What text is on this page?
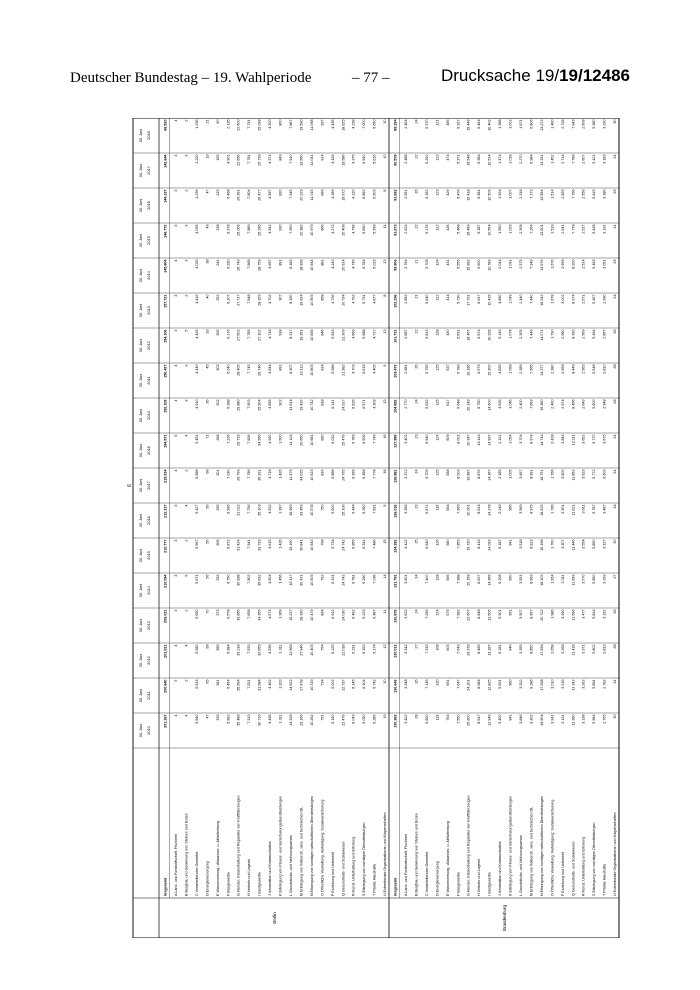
Deutscher Bundestag – 19. Wahlperiode	– 77 –	Drucksache 19/19/12486
6
30. Juni 2010
30. Juni 2011
30. Juni 2012
30. Juni 2013
30. Juni 2014
30. Juni 2015
30. Juni 2016
30. Juni 2017
30. Juni 2018
30. Juni 2010
30. Juni 2011
30. Juni 2012
30. Juni 2013
30. Juni 2014
30. Juni 2015
30. Juni 2016
30. Juni 2017
30. Juni 2018
Insgesamt
201.367
200.840
201.021
209.021
210.094
210.777
212.317
215.914
194.571
152.109
150.427
154.106
157.721
145.804
146.772
144.237
142.644
66.520
A Land- und Forstwirtschaft, Fischerei
4
5
4
3
3
3
3
4
5
4
4
3
3
4
3
3
3
4
B Bergbau und Gewinnung von Steinen und Erden
4
2
4
2
5
2
4
2
4
3
3
5
2
3
3
2
3
2
C Verarbeitendes Gewerbe
5.840
5.514
5.582
5.650
5.671
5.667
5.427
5.688
5.451
4.910
4.440
4.426
4.416
4.026
4.035
1.236
1.220
1.236
D Energieversorgung
47
65
58
70
56
56
56
68
71
36
45
33
40
38
49
47
19
21
E Wasserversorg.; Abwasser- u. Abfallentsorg.
333
361
355
373
333
306
295
301
268
302
303
306
252
241
238
215
155
60
F Baugewerbe
5.992
6.454
6.384
6.578
6.750
6.872
6.995
7.030
7.226
6.398
6.040
6.176
6.207
6.230
6.378
6.468
4.901
2.135
G Handel; Instandhaltung und Reparatur von Kraftfahrzeugen
35.489
35.694
33.218
33.856
30.938
31.424
31.022
29.799
29.733
29.880
28.406
27.502
27.717
26.743
25.009
24.391
22.696
22.600
H Verkehr und Lagerei
7.313
7.521
7.533
7.658
7.802
7.941
7.756
7.789
7.826
7.903
7.745
7.785
7.848
7.868
7.889
7.804
7.781
7.791
I Gastgewerbe
30.716
31.584
32.659
34.355
35.632
33.733
35.103
35.331
34.566
25.904
26.746
27.102
28.153
28.759
26.295
26.477
25.739
25.098
J Information und Kommunikation
4.436
4.462
4.536
4.574
4.604
4.615
4.632
4.718
4.930
4.835
4.844
4.716
4.702
4.697
4.642
4.597
4.374
4.300
K Erbringung von Finanz- und Versicherungsdienstleistungen
1.311
1.323
1.311
1.369
1.456
1.426
1.397
1.426
1.500
902
891
918
907
891
930
830
849
800
L Grundstücks- und Wohnungswesen
14.328
14.622
12.968
15.227
16.117
15.190
16.969
11.475
11.124
11.514
8.307
8.317
8.150
8.183
7.950
7.945
7.910
7.867
M Erbringung von freiberufl., wiss. und technischen DL
23.166
27.978
27.946
28.330
30.421
30.841
33.453
34.025
20.650
19.432
19.112
19.351
19.624
18.928
20.382
20.229
19.560
19.590
N Erbringung von sonstigen wirtschaftlichen Dienstleistungen
10.262
10.319
10.403
10.479
10.503
10.543
10.578
10.623
10.681
10.742
10.803
10.835
10.903
10.944
10.979
11.015
11.041
11.098
O Öffentliche Verwaltung, Verteidigung; Sozialversicherung
751
734
754
834
792
798
750
816
830
818
814
846
858
881
866
899
914
937
P Erziehung und Unterricht
5.150
5.002
6.225
6.912
6.131
5.734
5.600
5.888
6.032
6.141
5.588
5.543
4.736
4.243
4.272
4.289
4.426
4.436
Q Gesundheits- und Sozialwesen
22.476
22.737
22.018
24.030
24.742
24.742
25.106
24.765
25.476
24.917
21.382
21.309
20.734
20.614
20.408
19.972
19.586
18.625
R Kunst, Unterhaltung und Erholung
6.043
6.146
6.231
6.492
6.781
5.855
6.444
6.399
6.789
6.626
4.703
4.669
4.792
4.745
4.796
4.220
4.375
4.238
S Erbringung von sonstigen Dienstleistungen
6.050
6.104
6.152
6.223
6.290
6.341
6.390
6.458
6.506
6.571
6.619
6.688
6.731
6.784
6.830
6.892
6.940
7.000
T Private Haushalte
5.285
5.742
6.174
6.487
7.036
7.486
7.631
7.778
7.749
4.309
4.406
4.717
4.877
5.023
5.599
5.603
5.616
5.650
U Exterritoriale Organisationen und Körperschaften
19
10
12
11
14
15
9
18
16
13
9
13
8
13
11
8
10
10
Berlin
Insgesamt
130.363
130.643
130.013
132.879
131.791
124.392
126.016
126.881
127.989
104.852
103.473
101.731
102.236
99.906
91.673
91.692
90.578
89.294
A Land- und Forstwirtschaft, Fischerei
3.422
3.348
3.342
3.622
3.601
3.422
3.356
3.372
3.402
2.770
2.681
2.687
2.892
2.764
2.624
2.551
2.488
2.464
B Bergbau und Gewinnung von Steinen und Erden
28
26
27
24
34
25
23
24
23
24
26
22
21
21
22
26
22
24
C Verarbeitendes Gewerbe
6.820
7.146
7.315
7.256
7.400
6.640
6.671
6.705
6.940
5.632
5.755
5.813
5.640
5.708
5.176
5.162
5.292
5.370
D Energieversorgung
119
130
108
124
128
126
116
125
124
125
125
128
122
124
122
123
123
121
E Wasserversorg.; Abwasser- u. Abfallentsorg.
764
691
603
579
556
580
554
558
609
617
537
430
414
431
426
429
474
456
F Baugewerbe
7.550
7.647
7.643
7.982
7.988
7.853
7.969
8.003
8.001
5.648
5.789
5.691
5.730
5.555
5.468
5.476
5.371
5.327
G Handel; Instandhaltung und Reparatur von Kraftfahrzeugen
25.600
24.201
23.378
22.607
20.159
19.730
20.001
19.687
20.347
20.143
19.186
18.467
17.731
15.992
15.499
15.418
16.548
15.449
H Verkehr und Lagerei
8.547
8.584
8.465
8.848
8.627
8.415
8.524
8.876
13.114
6.790
6.579
6.574
6.617
6.600
6.387
6.381
6.384
6.464
I Gastgewerbe
12.949
12.825
13.187
13.505
14.365
14.093
14.178
14.367
14.937
14.600
15.300
10.328
10.425
10.789
10.554
10.509
10.514
10.402
J Information und Kommunikation
5.400
5.631
6.181
5.901
6.208
6.187
2.249
2.185
2.121
4.526
4.826
5.143
4.890
2.044
1.550
1.924
1.474
1.388
K Erbringung von Finanz- und Versicherungsdienstleistungen
941
960
940
951
950
941
956
1.005
1.054
1.046
1.068
1.074
1.049
1.091
1.023
1.007
1.018
1.002
L Grundstücks- und Wohnungswesen
3.846
3.322
3.355
3.507
3.551
3.518
3.569
3.667
3.704
2.400
2.389
2.305
2.440
2.375
2.308
2.318
2.270
1.871
M Erbringung von freiberufl., wiss. und technischen DL
9.302
9.286
8.850
8.957
8.963
8.923
8.975
8.991
8.974
7.663
7.565
7.449
7.440
7.349
7.264
7.173
6.984
6.806
N Erbringung von sonstigen wirtschaftlichen Dienstleistungen
19.904
17.938
17.934
20.722
18.103
16.198
18.523
18.751
14.744
15.360
14.377
14.071
16.242
13.976
13.601
13.564
13.331
13.272
O Öffentliche Verwaltung, Verteidigung; Sozialversicherung
3.941
3.010
2.058
1.986
1.954
1.760
1.766
1.766
2.428
2.460
2.380
1.790
1.678
1.676
1.519
1.514
1.452
1.460
P Erziehung und Unterricht
3.131
3.216
3.268
3.390
3.311
3.307
3.301
3.500
3.844
2.974
2.959
2.960
3.002
2.999
2.941
2.829
2.714
2.728
Q Gesundheits- und Sozialwesen
11.390
11.342
11.418
11.596
11.693
11.446
11.621
11.852
12.111
8.456
8.449
8.390
8.374
8.200
7.778
7.766
7.784
7.949
R Kunst, Unterhaltung und Erholung
3.138
3.262
3.371
3.477
3.570
3.554
3.611
3.623
3.652
2.643
2.563
2.569
2.571
2.514
2.517
2.556
2.607
2.608
S Erbringung von sonstigen Dienstleistungen
5.964
5.891
5.802
5.814
5.850
5.850
5.787
5.772
5.770
5.600
5.548
5.494
5.457
5.463
5.428
5.415
5.421
5.380
T Private Haushalte
2.765
2.782
2.813
3.152
3.293
3.327
3.487
3.603
3.675
2.948
2.810
2.857
2.990
3.051
3.131
3.180
3.183
3.230
U Exterritoriale Organisationen und Körperschaften
30
31
28
26
27
30
34
31
31
28
28
26
24
29
31
29
31
30
Brandenburg
